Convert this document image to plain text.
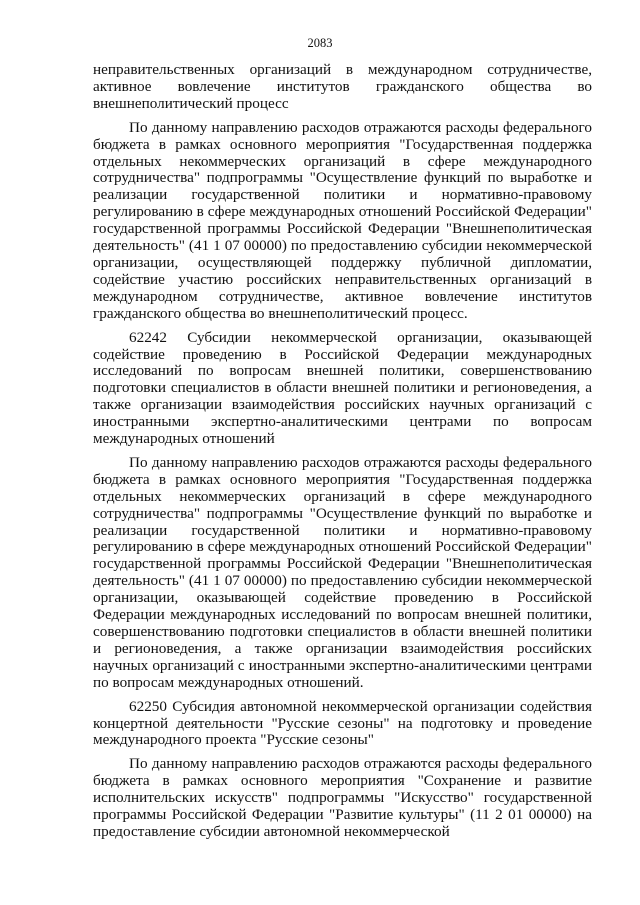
2083

неправительственных организаций в международном сотрудничестве, активное вовлечение институтов гражданского общества во внешнеполитический процесс

По данному направлению расходов отражаются расходы федерального бюджета в рамках основного мероприятия "Государственная поддержка отдельных некоммерческих организаций в сфере международного сотрудничества" подпрограммы "Осуществление функций по выработке и реализации государственной политики и нормативно-правовому регулированию в сфере международных отношений Российской Федерации" государственной программы Российской Федерации "Внешнеполитическая деятельность" (41 1 07 00000) по предоставлению субсидии некоммерческой организации, осуществляющей поддержку публичной дипломатии, содействие участию российских неправительственных организаций в международном сотрудничестве, активное вовлечение институтов гражданского общества во внешнеполитический процесс.

62242 Субсидии некоммерческой организации, оказывающей содействие проведению в Российской Федерации международных исследований по вопросам внешней политики, совершенствованию подготовки специалистов в области внешней политики и регионоведения, а также организации взаимодействия российских научных организаций с иностранными экспертно-аналитическими центрами по вопросам международных отношений

По данному направлению расходов отражаются расходы федерального бюджета в рамках основного мероприятия "Государственная поддержка отдельных некоммерческих организаций в сфере международного сотрудничества" подпрограммы "Осуществление функций по выработке и реализации государственной политики и нормативно-правовому регулированию в сфере международных отношений Российской Федерации" государственной программы Российской Федерации "Внешнеполитическая деятельность" (41 1 07 00000) по предоставлению субсидии некоммерческой организации, оказывающей содействие проведению в Российской Федерации международных исследований по вопросам внешней политики, совершенствованию подготовки специалистов в области внешней политики и регионоведения, а также организации взаимодействия российских научных организаций с иностранными экспертно-аналитическими центрами по вопросам международных отношений.

62250 Субсидия автономной некоммерческой организации содействия концертной деятельности "Русские сезоны" на подготовку и проведение международного проекта "Русские сезоны"

По данному направлению расходов отражаются расходы федерального бюджета в рамках основного мероприятия "Сохранение и развитие исполнительских искусств" подпрограммы "Искусство" государственной программы Российской Федерации "Развитие культуры" (11 2 01 00000) на предоставление субсидии автономной некоммерческой
